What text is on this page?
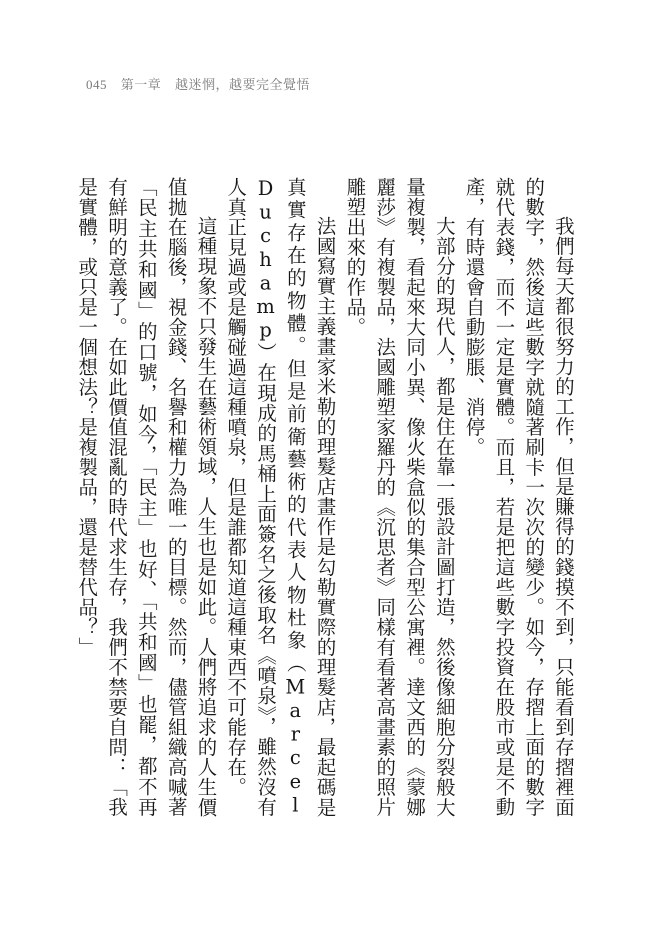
045 第一章 越迷惘，越要完全覺悟

我們每天都很努力的工作，但是賺得的錢摸不到，只能看到存摺裡面的數字，然後這些數字就隨著刷卡一次次的變少。如今，存摺上面的數字就代表錢，而不一定是實體。而且，若是把這些數字投資在股市或是不動產，有時還會自動膨脹、消停。

大部分的現代人，都是住在靠一張設計圖打造，然後像細胞分裂般大量複製，看起來大同小異、像火柴盒似的集合型公寓裡。達文西的《蒙娜麗莎》有複製品，法國雕塑家羅丹的《沉思者》同樣有看著高畫素的照片雕塑出來的作品。

法國寫實主義畫家米勒的理髮店畫作是勾勒實際的理髮店，最起碼是真實存在的物體。但是前衛藝術的代表人物杜象（Marcel Duchamp）在現成的馬桶上面簽名之後取名《噴泉》，雖然沒有人真正見過或是觸碰過這種噴泉，但是誰都知道這種東西不可能存在。

這種現象不只發生在藝術領域，人生也是如此。人們將追求的人生價值拋在腦後，視金錢、名譽和權力為唯一的目標。然而，儘管組織高喊著「民主共和國」的口號，如今，「民主」也好、「共和國」也罷，都不再有鮮明的意義了。在如此價值混亂的時代求生存，我們不禁要自問：「我是實體，或只是一個想法？是複製品，還是替代品？」
